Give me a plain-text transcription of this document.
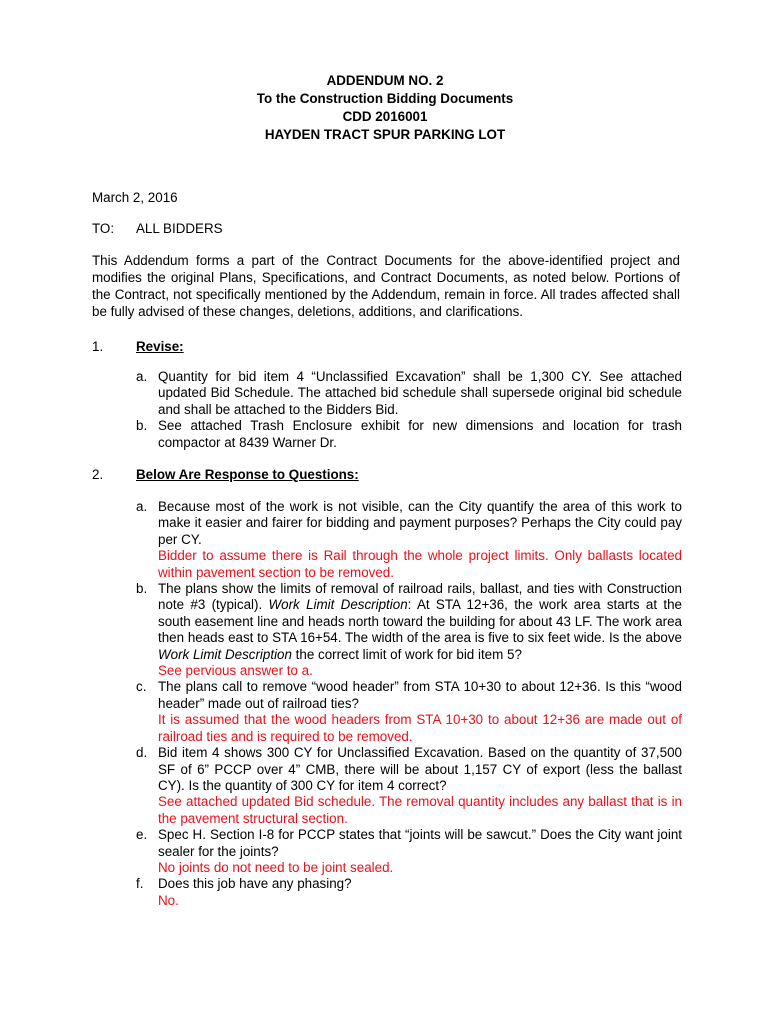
ADDENDUM NO. 2
To the Construction Bidding Documents
CDD 2016001
HAYDEN TRACT SPUR PARKING LOT
March 2, 2016
TO: ALL BIDDERS
This Addendum forms a part of the Contract Documents for the above-identified project and modifies the original Plans, Specifications, and Contract Documents, as noted below. Portions of the Contract, not specifically mentioned by the Addendum, remain in force. All trades affected shall be fully advised of these changes, deletions, additions, and clarifications.
1. Revise:
a. Quantity for bid item 4 “Unclassified Excavation” shall be 1,300 CY. See attached updated Bid Schedule. The attached bid schedule shall supersede original bid schedule and shall be attached to the Bidders Bid.
b. See attached Trash Enclosure exhibit for new dimensions and location for trash compactor at 8439 Warner Dr.
2. Below Are Response to Questions:
a. Because most of the work is not visible, can the City quantify the area of this work to make it easier and fairer for bidding and payment purposes? Perhaps the City could pay per CY.
Bidder to assume there is Rail through the whole project limits. Only ballasts located within pavement section to be removed.
b. The plans show the limits of removal of railroad rails, ballast, and ties with Construction note #3 (typical). Work Limit Description: At STA 12+36, the work area starts at the south easement line and heads north toward the building for about 43 LF. The work area then heads east to STA 16+54. The width of the area is five to six feet wide. Is the above Work Limit Description the correct limit of work for bid item 5?
See pervious answer to a.
c. The plans call to remove “wood header” from STA 10+30 to about 12+36. Is this “wood header” made out of railroad ties?
It is assumed that the wood headers from STA 10+30 to about 12+36 are made out of railroad ties and is required to be removed.
d. Bid item 4 shows 300 CY for Unclassified Excavation. Based on the quantity of 37,500 SF of 6” PCCP over 4” CMB, there will be about 1,157 CY of export (less the ballast CY). Is the quantity of 300 CY for item 4 correct?
See attached updated Bid schedule. The removal quantity includes any ballast that is in the pavement structural section.
e. Spec H. Section I-8 for PCCP states that “joints will be sawcut.” Does the City want joint sealer for the joints?
No joints do not need to be joint sealed.
f. Does this job have any phasing?
No.
